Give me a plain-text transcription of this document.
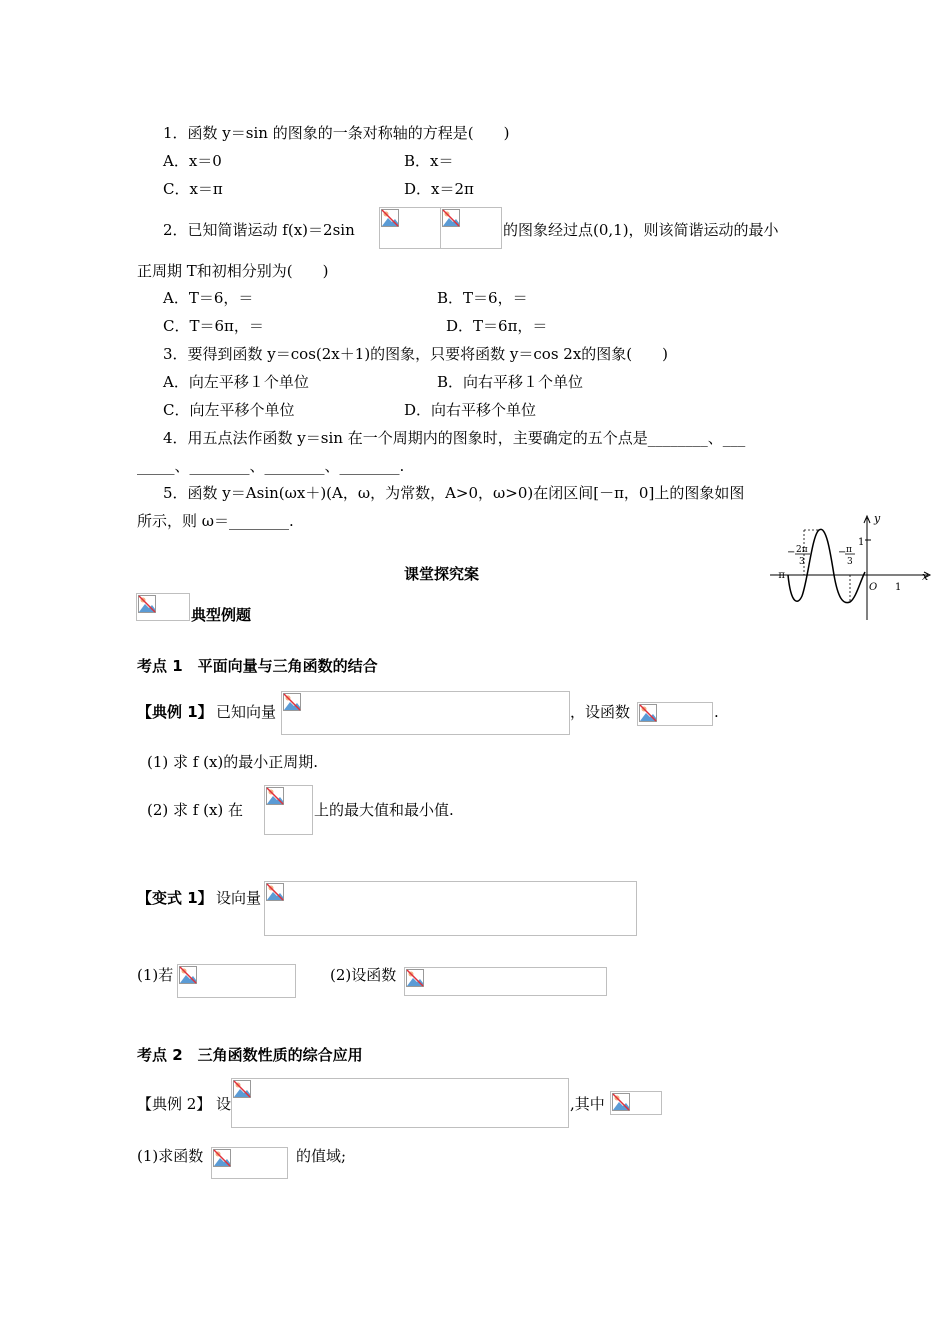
1．函数 y＝sin 的图象的一条对称轴的方程是(　　)
A．x＝0	B．x＝
C．x＝π	D．x＝2π
2．已知简谐运动 f(x)＝2sin	的图象经过点(0,1)，则该简谐运动的最小
正周期 T和初相分别为(　　)
A．T＝6，＝	B．T＝6，＝
C．T＝6π，＝	D．T＝6π，＝
3．要得到函数 y＝cos(2x＋1)的图象，只要将函数 y＝cos 2x的图象(　　)
A．向左平移１个单位	B．向右平移１个单位
C．向左平移个单位	D．向右平移个单位
4．用五点法作函数 y＝sin 在一个周期内的图象时，主要确定的五个点是________、___
_____、________、________、________.
5．函数 y＝Asin(ωx＋)(A，ω，为常数，A>0，ω>0)在闭区间[－π，0]上的图象如图
所示，则 ω＝________.	y
x
1
O 1
−π
− 2π
3
− π
3
课堂探究案
典型例题
考点 1　平面向量与三角函数的结合
【典例 1】 已知向量	，设函数	.
(1) 求 f (x)的最小正周期.
(2) 求 f (x) 在	上的最大值和最小值.
【变式 1】 设向量
(1)若	(2)设函数
考点 2　三角函数性质的综合应用
【典例 2】 设	,其中
(1)求函数	的值域;
